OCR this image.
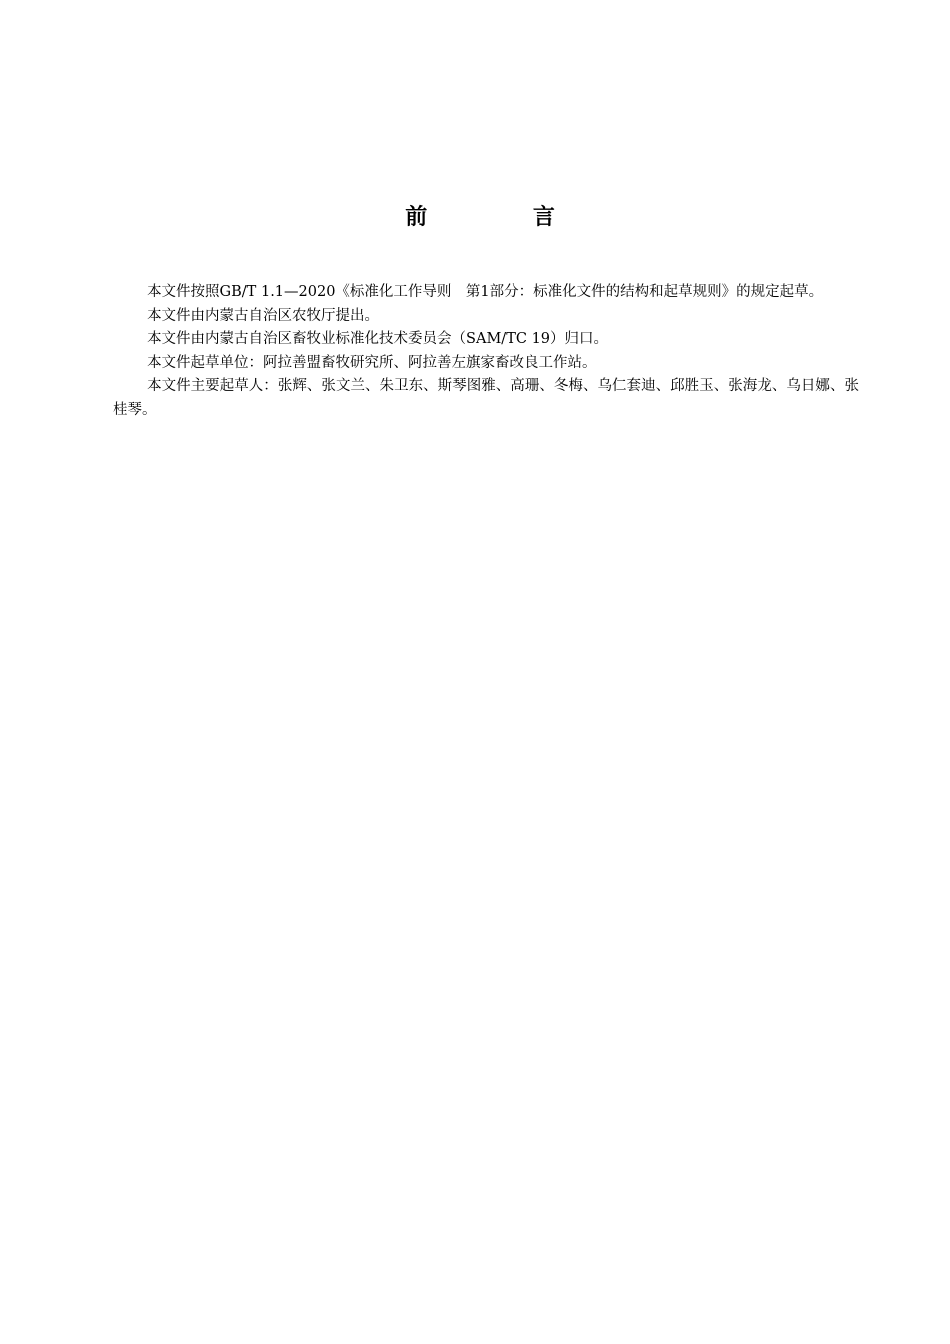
前　言

本文件按照GB/T 1.1—2020《标准化工作导则　第1部分：标准化文件的结构和起草规则》的规定起草。

本文件由内蒙古自治区农牧厅提出。

本文件由内蒙古自治区畜牧业标准化技术委员会（SAM/TC 19）归口。

本文件起草单位：阿拉善盟畜牧研究所、阿拉善左旗家畜改良工作站。

本文件主要起草人：张辉、张文兰、朱卫东、斯琴图雅、高珊、冬梅、乌仁套迪、邱胜玉、张海龙、乌日娜、张桂琴。
